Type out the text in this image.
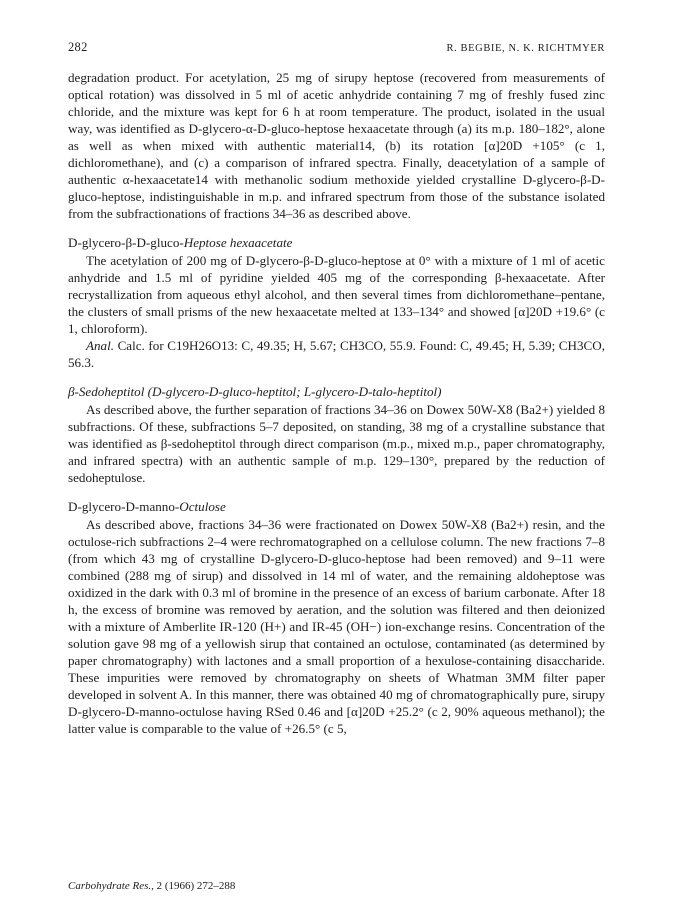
282	R. BEGBIE, N. K. RICHTMYER

degradation product. For acetylation, 25 mg of sirupy heptose (recovered from measurements of optical rotation) was dissolved in 5 ml of acetic anhydride containing 7 mg of freshly fused zinc chloride, and the mixture was kept for 6 h at room temperature. The product, isolated in the usual way, was identified as D-glycero-α-D-gluco-heptose hexaacetate through (a) its m.p. 180–182°, alone as well as when mixed with authentic material14, (b) its rotation [α]20D +105° (c 1, dichloromethane), and (c) a comparison of infrared spectra. Finally, deacetylation of a sample of authentic α-hexaacetate14 with methanolic sodium methoxide yielded crystalline D-glycero-β-D-gluco-heptose, indistinguishable in m.p. and infrared spectrum from those of the substance isolated from the subfractionations of fractions 34–36 as described above.

D-glycero-β-D-gluco-Heptose hexaacetate

The acetylation of 200 mg of D-glycero-β-D-gluco-heptose at 0° with a mixture of 1 ml of acetic anhydride and 1.5 ml of pyridine yielded 405 mg of the corresponding β-hexaacetate. After recrystallization from aqueous ethyl alcohol, and then several times from dichloromethane–pentane, the clusters of small prisms of the new hexaacetate melted at 133–134° and showed [α]20D +19.6° (c 1, chloroform).

Anal. Calc. for C19H26O13: C, 49.35; H, 5.67; CH3CO, 55.9. Found: C, 49.45; H, 5.39; CH3CO, 56.3.

β-Sedoheptitol (D-glycero-D-gluco-heptitol; L-glycero-D-talo-heptitol)

As described above, the further separation of fractions 34–36 on Dowex 50W-X8 (Ba2+) yielded 8 subfractions. Of these, subfractions 5–7 deposited, on standing, 38 mg of a crystalline substance that was identified as β-sedoheptitol through direct comparison (m.p., mixed m.p., paper chromatography, and infrared spectra) with an authentic sample of m.p. 129–130°, prepared by the reduction of sedoheptulose.

D-glycero-D-manno-Octulose

As described above, fractions 34–36 were fractionated on Dowex 50W-X8 (Ba2+) resin, and the octulose-rich subfractions 2–4 were rechromatographed on a cellulose column. The new fractions 7–8 (from which 43 mg of crystalline D-glycero-D-gluco-heptose had been removed) and 9–11 were combined (288 mg of sirup) and dissolved in 14 ml of water, and the remaining aldoheptose was oxidized in the dark with 0.3 ml of bromine in the presence of an excess of barium carbonate. After 18 h, the excess of bromine was removed by aeration, and the solution was filtered and then deionized with a mixture of Amberlite IR-120 (H+) and IR-45 (OH−) ion-exchange resins. Concentration of the solution gave 98 mg of a yellowish sirup that contained an octulose, contaminated (as determined by paper chromatography) with lactones and a small proportion of a hexulose-containing disaccharide. These impurities were removed by chromatography on sheets of Whatman 3MM filter paper developed in solvent A. In this manner, there was obtained 40 mg of chromatographically pure, sirupy D-glycero-D-manno-octulose having RSed 0.46 and [α]20D +25.2° (c 2, 90% aqueous methanol); the latter value is comparable to the value of +26.5° (c 5,

Carbohydrate Res., 2 (1966) 272–288
